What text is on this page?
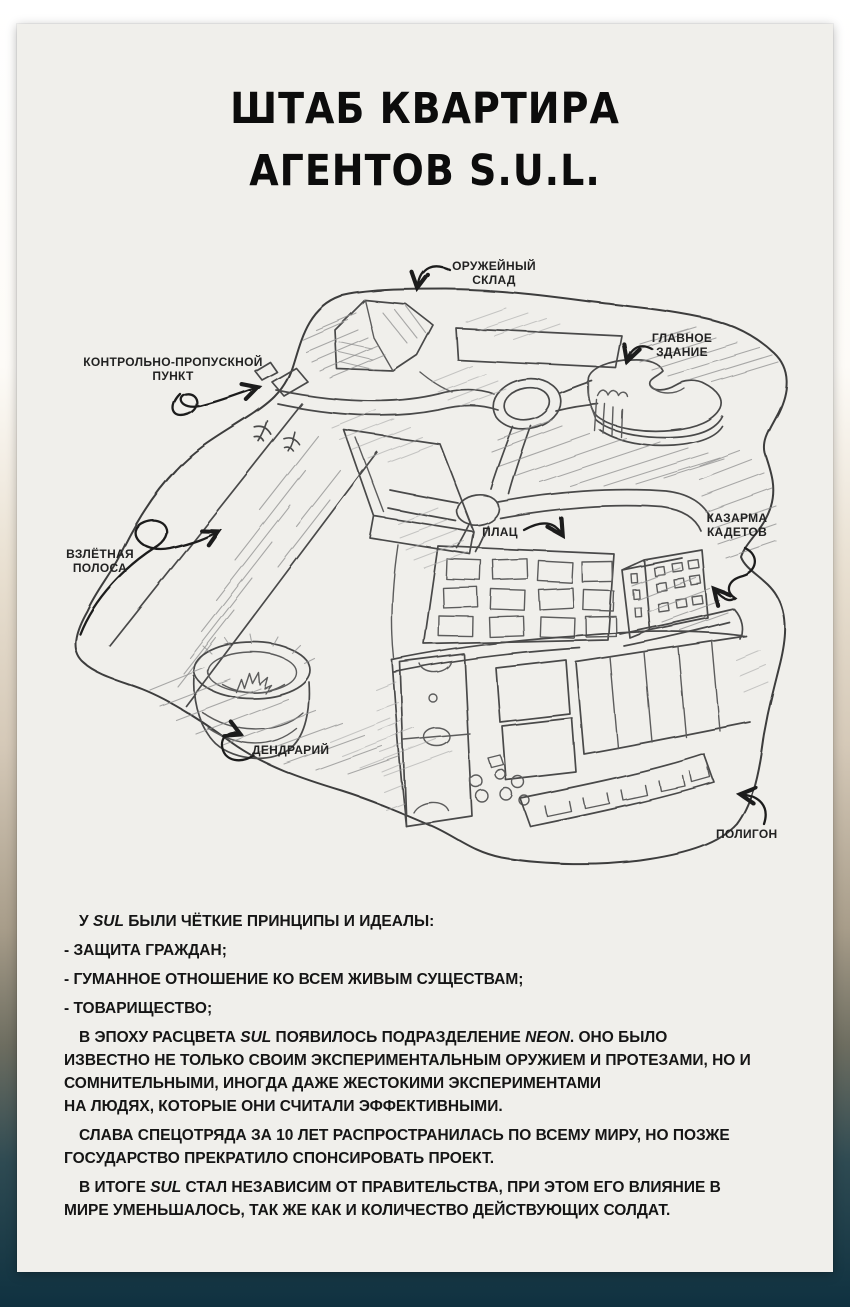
ШТАБ КВАРТИРА
АГЕНТОВ S.U.L.
ОРУЖЕЙНЫЙ
СКЛАД
ГЛАВНОЕ
ЗДАНИЕ
КОНТРОЛЬНО-ПРОПУСКНОЙ
ПУНКТ
ВЗЛЁТНАЯ
ПОЛОСА
ПЛАЦ
КАЗАРМА
КАДЕТОВ
ДЕНДРАРИЙ
ПОЛИГОН

У SUL БЫЛИ ЧЁТКИЕ ПРИНЦИПЫ И ИДЕАЛЫ:

- ЗАЩИТА ГРАЖДАН;

- ГУМАННОЕ ОТНОШЕНИЕ КО ВСЕМ ЖИВЫМ СУЩЕСТВАМ;

- ТОВАРИЩЕСТВО;

В ЭПОХУ РАСЦВЕТА SUL ПОЯВИЛОСЬ ПОДРАЗДЕЛЕНИЕ NEON. ОНО БЫЛО
ИЗВЕСТНО НЕ ТОЛЬКО СВОИМ ЭКСПЕРИМЕНТАЛЬНЫМ ОРУЖИЕМ И ПРОТЕЗАМИ, НО И
СОМНИТЕЛЬНЫМИ, ИНОГДА ДАЖЕ ЖЕСТОКИМИ ЭКСПЕРИМЕНТАМИ
НА ЛЮДЯХ, КОТОРЫЕ ОНИ СЧИТАЛИ ЭФФЕКТИВНЫМИ.

СЛАВА СПЕЦОТРЯДА ЗА 10 ЛЕТ РАСПРОСТРАНИЛАСЬ ПО ВСЕМУ МИРУ, НО ПОЗЖЕ
ГОСУДАРСТВО ПРЕКРАТИЛО СПОНСИРОВАТЬ ПРОЕКТ.

В ИТОГЕ SUL СТАЛ НЕЗАВИСИМ ОТ ПРАВИТЕЛЬСТВА, ПРИ ЭТОМ ЕГО ВЛИЯНИЕ В
МИРЕ УМЕНЬШАЛОСЬ, ТАК ЖЕ КАК И КОЛИЧЕСТВО ДЕЙСТВУЮЩИХ СОЛДАТ.
